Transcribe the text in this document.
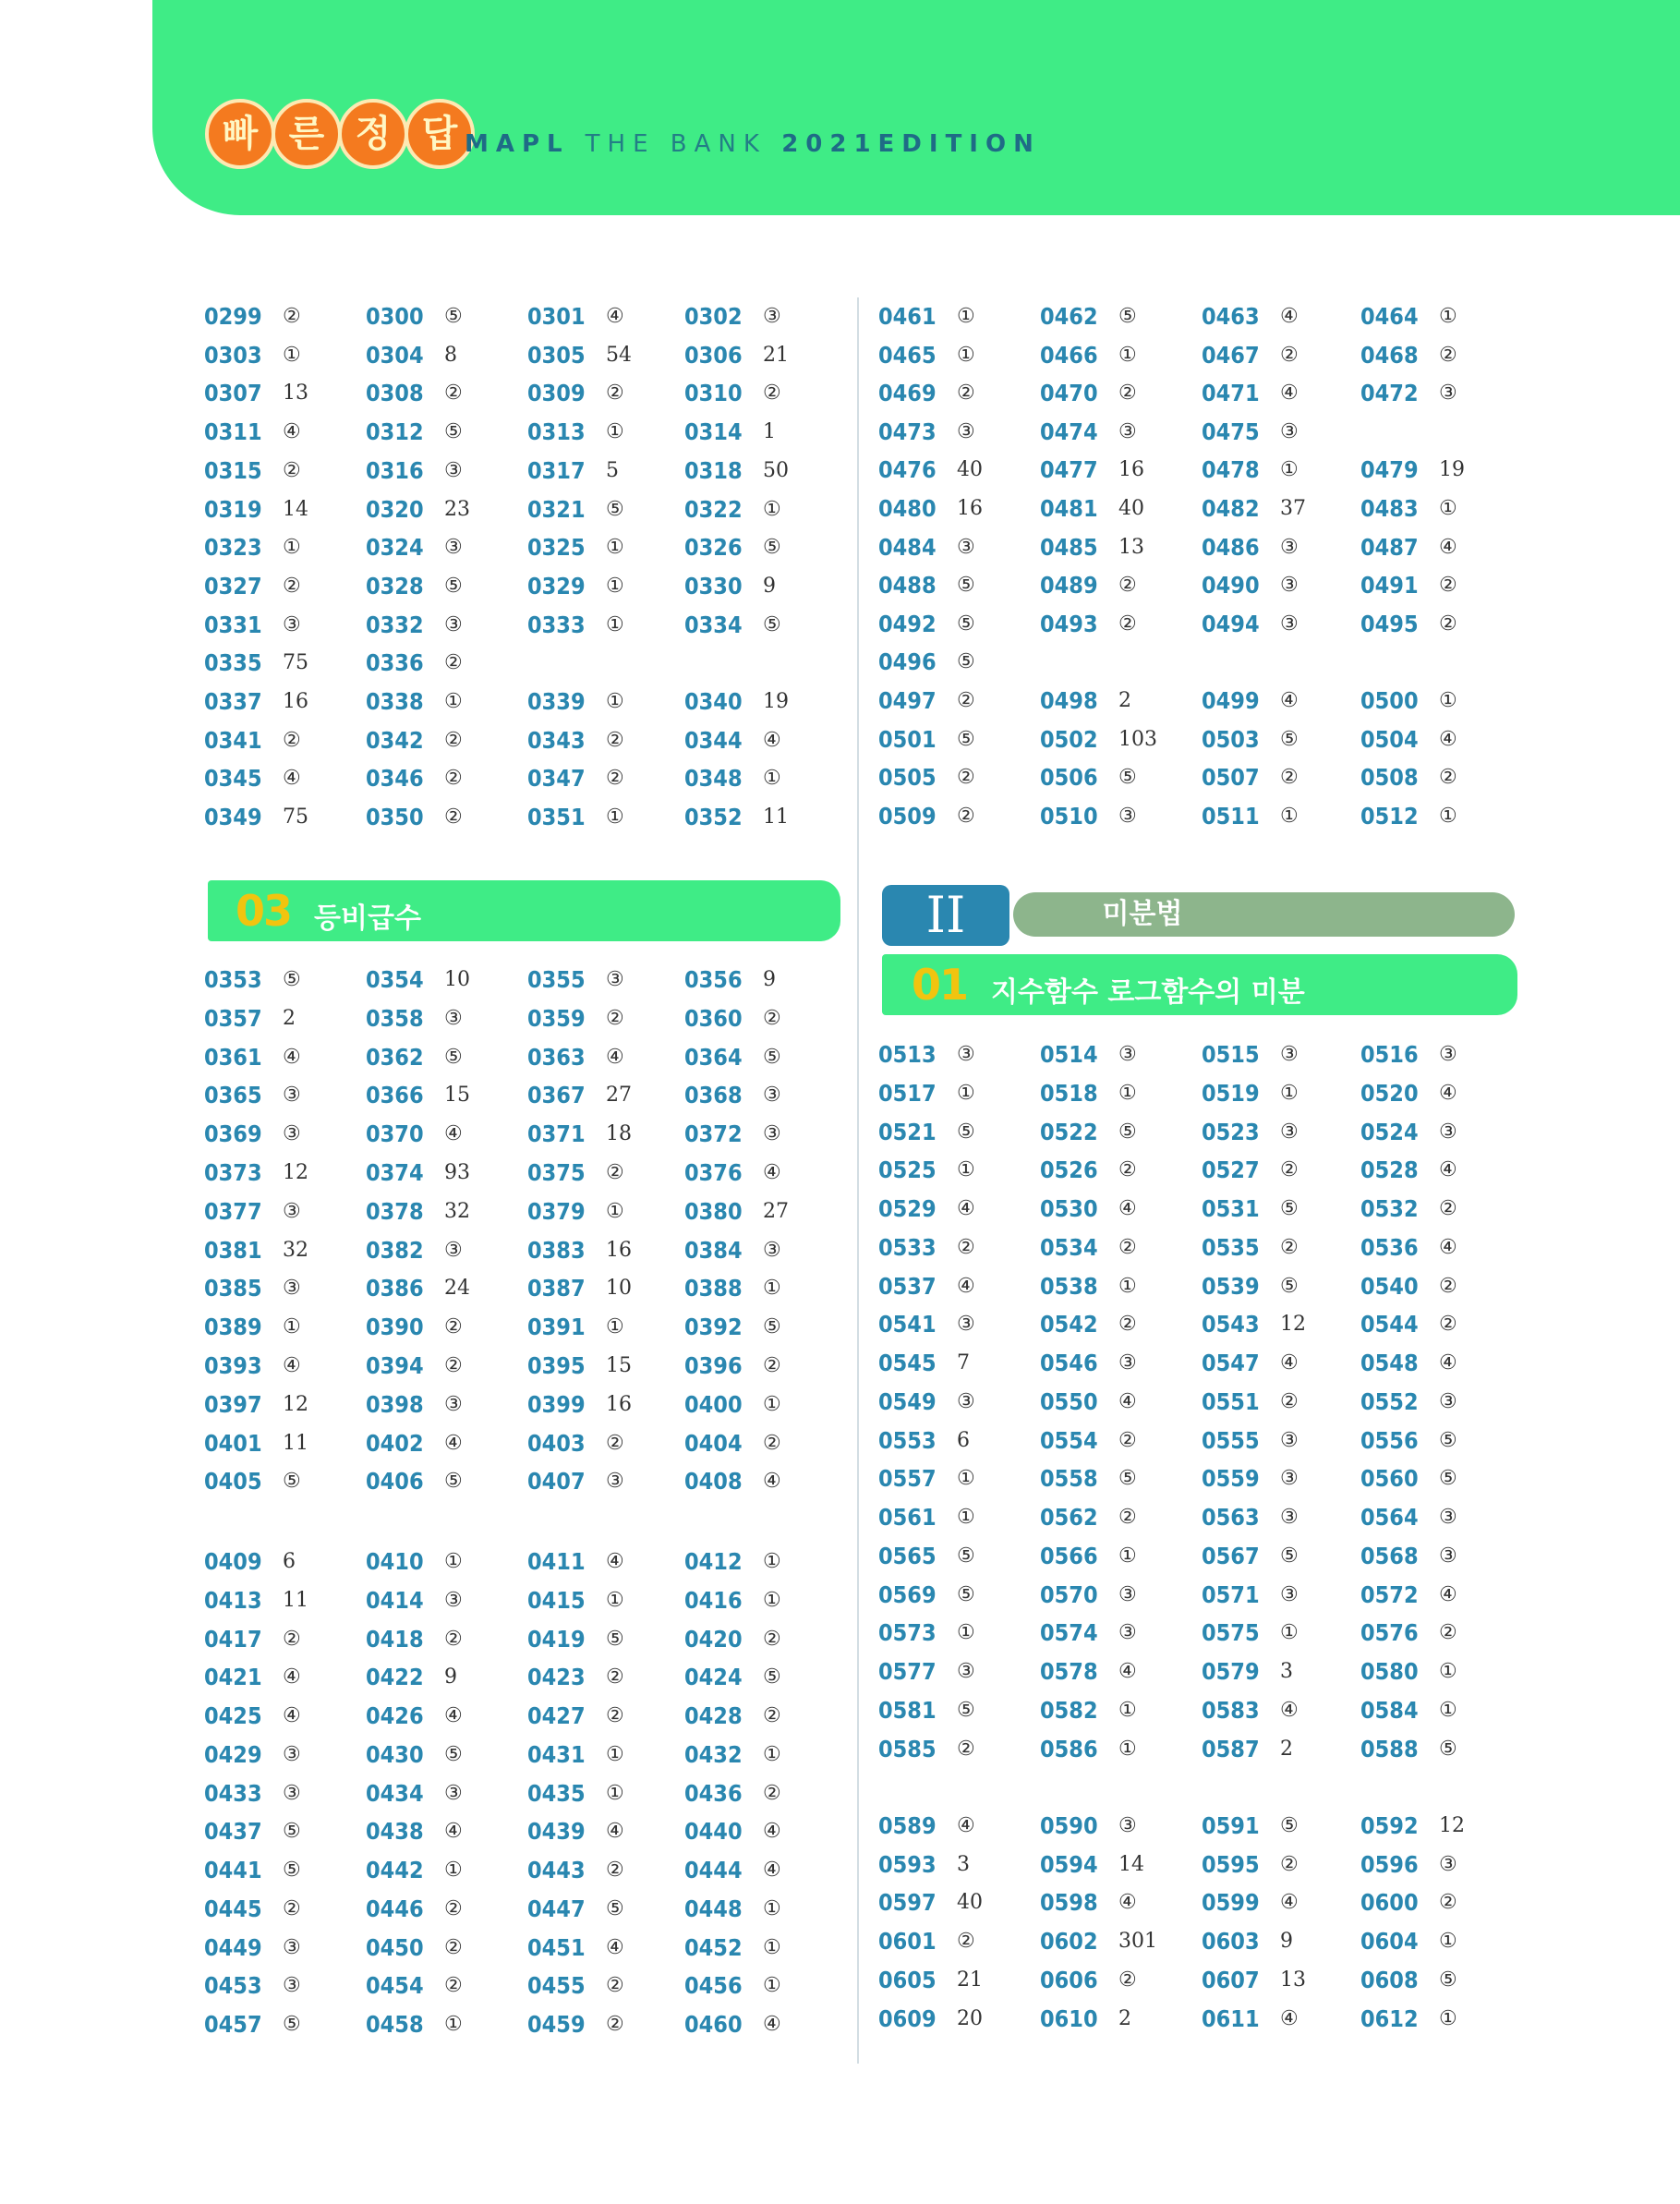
빠 른 정 답 MAPL THE BANK 2021EDITION
0299 ②	0300 ⑤	0301 ④	0302 ③
0303 ①	0304 8	0305 54 0306 21
0307 13 0308 ②	0309 ②	0310 ②
0311 ④	0312 ⑤	0313 ①	0314 1
0315 ②	0316 ③	0317 5	0318 50
0319 14 0320 23 0321 ⑤	0322 ①
0323 ①	0324 ③	0325 ①	0326 ⑤
0327 ②	0328 ⑤	0329 ①	0330 9
0331 ③	0332 ③	0333 ①	0334 ⑤
0335 75 0336 ②
0337 16 0338 ①	0339 ①	0340 19
0341 ②	0342 ②	0343 ②	0344 ④
0345 ④	0346 ②	0347 ②	0348 ①
0349 75 0350 ②	0351 ①	0352 11
03 등비급수
0353 ⑤	0354 10 0355 ③	0356 9
0357 2	0358 ③	0359 ②	0360 ②
0361 ④	0362 ⑤	0363 ④	0364 ⑤
0365 ③	0366 15 0367 27 0368 ③
0369 ③	0370 ④	0371 18 0372 ③
0373 12 0374 93 0375 ②	0376 ④
0377 ③	0378 32 0379 ①	0380 27
0381 32 0382 ③	0383 16 0384 ③
0385 ③	0386 24 0387 10 0388 ①
0389 ①	0390 ②	0391 ①	0392 ⑤
0393 ④	0394 ②	0395 15 0396 ②
0397 12 0398 ③	0399 16 0400 ①
0401 11 0402 ④	0403 ②	0404 ②
0405 ⑤	0406 ⑤	0407 ③	0408 ④
0409 6	0410 ①	0411 ④	0412 ①
0413 11 0414 ③	0415 ①	0416 ①
0417 ②	0418 ②	0419 ⑤	0420 ②
0421 ④	0422 9	0423 ②	0424 ⑤
0425 ④	0426 ④	0427 ②	0428 ②
0429 ③	0430 ⑤	0431 ①	0432 ①
0433 ③	0434 ③	0435 ①	0436 ②
0437 ⑤	0438 ④	0439 ④	0440 ④
0441 ⑤	0442 ①	0443 ②	0444 ④
0445 ②	0446 ②	0447 ⑤	0448 ①
0449 ③	0450 ②	0451 ④	0452 ①
0453 ③	0454 ②	0455 ②	0456 ①
0457 ⑤	0458 ①	0459 ②	0460 ④
0461 ①	0462 ⑤	0463 ④	0464 ①
0465 ①	0466 ①	0467 ②	0468 ②
0469 ②	0470 ②	0471 ④	0472 ③
0473 ③	0474 ③	0475 ③
0476 40 0477 16 0478 ①	0479 19
0480 16 0481 40 0482 37 0483 ①
0484 ③	0485 13 0486 ③	0487 ④
0488 ⑤	0489 ②	0490 ③	0491 ②
0492 ⑤	0493 ②	0494 ③	0495 ②
0496 ⑤
0497 ②	0498 2	0499 ④	0500 ①
0501 ⑤	0502 103 0503 ⑤	0504 ④
0505 ②	0506 ⑤	0507 ②	0508 ②
0509 ②	0510 ③	0511 ①	0512 ①
II	미분법
01 지수함수 로그함수의 미분
0513 ③	0514 ③	0515 ③	0516 ③
0517 ①	0518 ①	0519 ①	0520 ④
0521 ⑤	0522 ⑤	0523 ③	0524 ③
0525 ①	0526 ②	0527 ②	0528 ④
0529 ④	0530 ④	0531 ⑤	0532 ②
0533 ②	0534 ②	0535 ②	0536 ④
0537 ④	0538 ①	0539 ⑤	0540 ②
0541 ③	0542 ②	0543 12 0544 ②
0545 7	0546 ③	0547 ④	0548 ④
0549 ③	0550 ④	0551 ②	0552 ③
0553 6	0554 ②	0555 ③	0556 ⑤
0557 ①	0558 ⑤	0559 ③	0560 ⑤
0561 ①	0562 ②	0563 ③	0564 ③
0565 ⑤	0566 ①	0567 ⑤	0568 ③
0569 ⑤	0570 ③	0571 ③	0572 ④
0573 ①	0574 ③	0575 ①	0576 ②
0577 ③	0578 ④	0579 3	0580 ①
0581 ⑤	0582 ①	0583 ④	0584 ①
0585 ②	0586 ①	0587 2	0588 ⑤
0589 ④	0590 ③	0591 ⑤	0592 12
0593 3	0594 14 0595 ②	0596 ③
0597 40 0598 ④	0599 ④	0600 ②
0601 ②	0602 301 0603 9	0604 ①
0605 21 0606 ②	0607 13 0608 ⑤
0609 20 0610 2	0611 ④	0612 ①
